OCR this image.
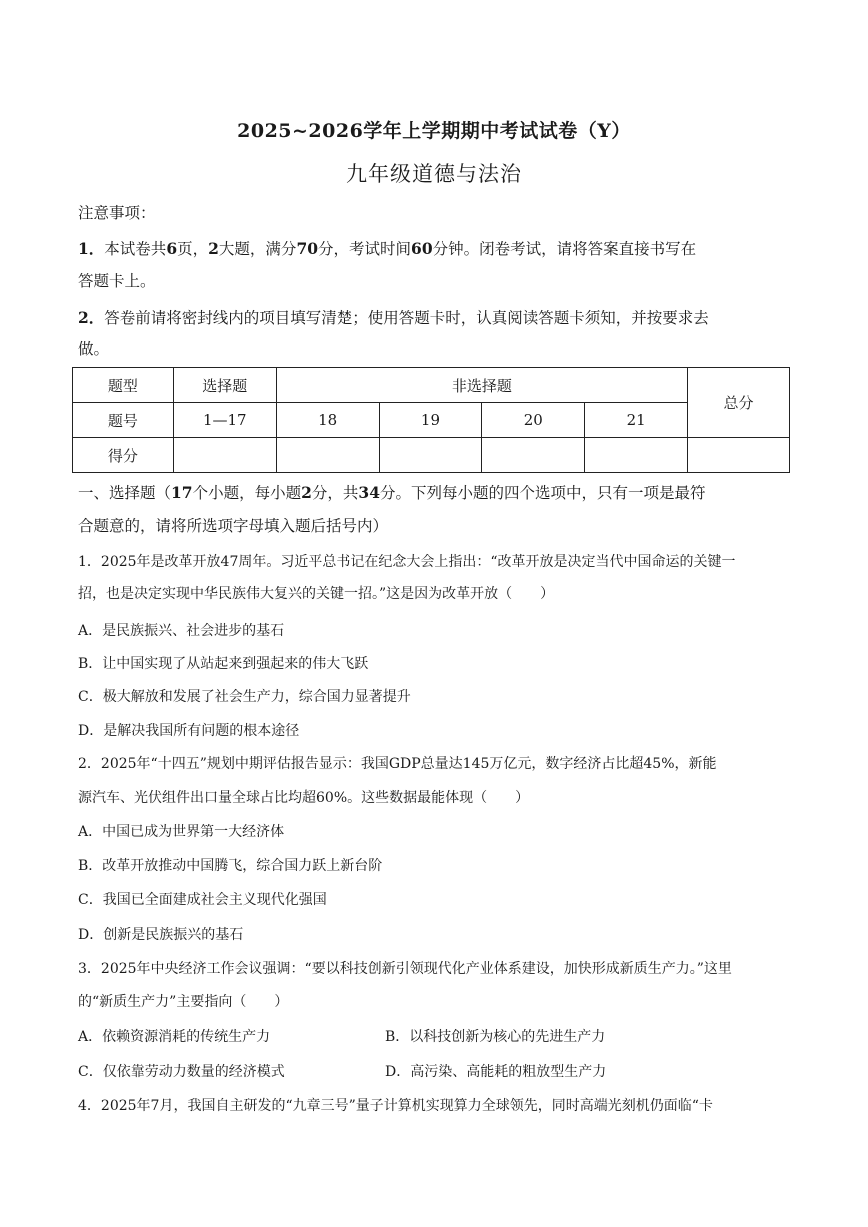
2025~2026学年上学期期中考试试卷（Y）
九年级道德与法治
注意事项：
1．本试卷共6页，2大题，满分70分，考试时间60分钟。闭卷考试，请将答案直接书写在
答题卡上。
2．答卷前请将密封线内的项目填写清楚；使用答题卡时，认真阅读答题卡须知，并按要求去
做。
题型	选择题	非选择题				总分
题号	1—17	18	19	20	21	
得分						
一、选择题（17个小题，每小题2分，共34分。下列每小题的四个选项中，只有一项是最符
合题意的，请将所选项字母填入题后括号内）
1．2025年是改革开放47周年。习近平总书记在纪念大会上指出：“改革开放是决定当代中国命运的关键一
招，也是决定实现中华民族伟大复兴的关键一招。”这是因为改革开放（　　）
A．是民族振兴、社会进步的基石
B．让中国实现了从站起来到强起来的伟大飞跃
C．极大解放和发展了社会生产力，综合国力显著提升
D．是解决我国所有问题的根本途径
2．2025年“十四五”规划中期评估报告显示：我国GDP总量达145万亿元，数字经济占比超45%，新能
源汽车、光伏组件出口量全球占比均超60%。这些数据最能体现（　　）
A．中国已成为世界第一大经济体
B．改革开放推动中国腾飞，综合国力跃上新台阶
C．我国已全面建成社会主义现代化强国
D．创新是民族振兴的基石
3．2025年中央经济工作会议强调：“要以科技创新引领现代化产业体系建设，加快形成新质生产力。”这里
的“新质生产力”主要指向（　　）
A．依赖资源消耗的传统生产力	B．以科技创新为核心的先进生产力
C．仅依靠劳动力数量的经济模式	D．高污染、高能耗的粗放型生产力
4．2025年7月，我国自主研发的“九章三号”量子计算机实现算力全球领先，同时高端光刻机仍面临“卡
